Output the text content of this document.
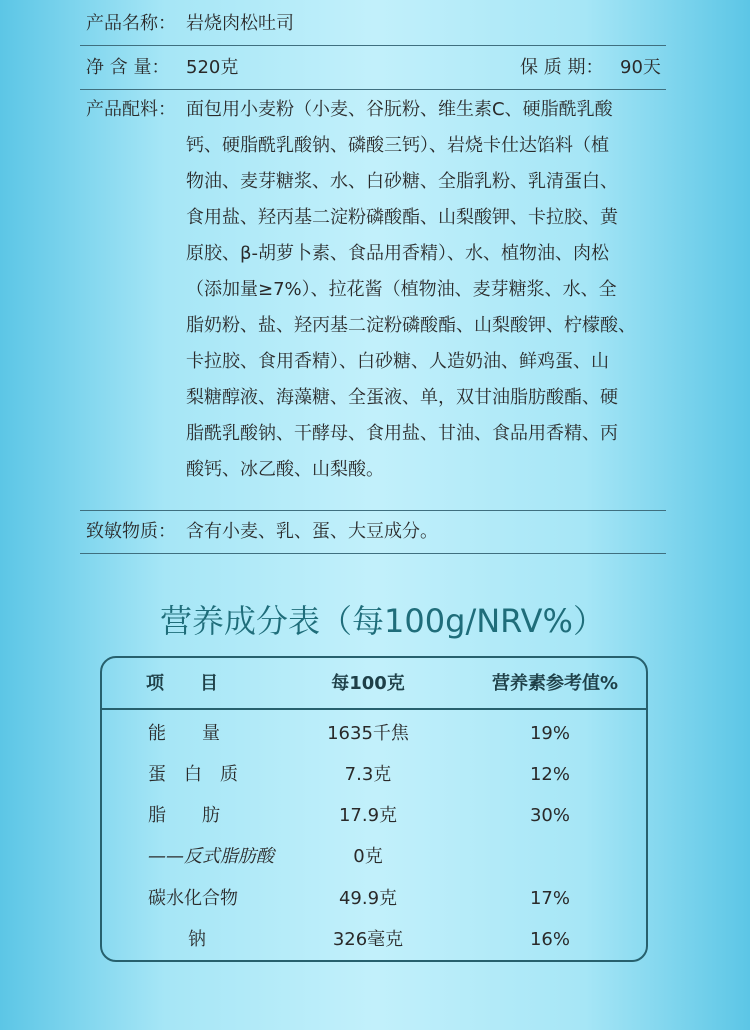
产品名称： 岩烧肉松吐司
净 含 量： 520克	保 质 期： 90天
产品配料： 面包用小麦粉（小麦、谷朊粉、维生素C、硬脂酰乳酸
钙、硬脂酰乳酸钠、磷酸三钙）、岩烧卡仕达馅料（植
物油、麦芽糖浆、水、白砂糖、全脂乳粉、乳清蛋白、
食用盐、羟丙基二淀粉磷酸酯、山梨酸钾、卡拉胶、黄
原胶、β-胡萝卜素、食品用香精）、水、植物油、肉松
（添加量≥7%）、拉花酱（植物油、麦芽糖浆、水、全
脂奶粉、盐、羟丙基二淀粉磷酸酯、山梨酸钾、柠檬酸、
卡拉胶、食用香精）、白砂糖、人造奶油、鲜鸡蛋、山
梨糖醇液、海藻糖、全蛋液、单，双甘油脂肪酸酯、硬
脂酰乳酸钠、干酵母、食用盐、甘油、食品用香精、丙
酸钙、冰乙酸、山梨酸。
致敏物质： 含有小麦、乳、蛋、大豆成分。
营养成分表（每100g/NRV%）
项　　目	每100克	营养素参考值%
能　　量	1635千焦	19%
蛋　白　质	7.3克	12%
脂　　肪	17.9克	30%
——反式脂肪酸	0克
碳水化合物	49.9克	17%
钠	326毫克	16%
